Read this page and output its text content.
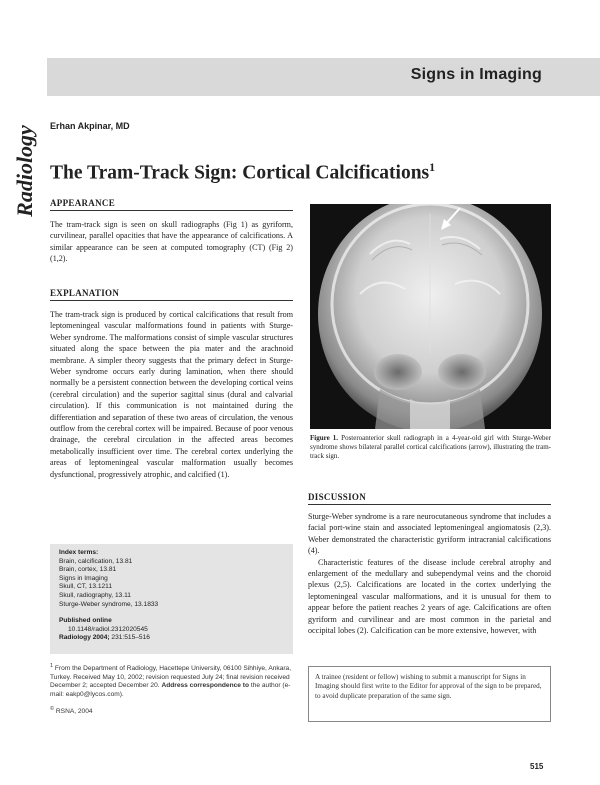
Signs in Imaging
Radiology Erhan Akpinar, MD
The Tram-Track Sign: Cortical Calcifications$^1$
APPEARANCE

The tram-track sign is seen on skull radiographs (Fig 1) as gyriform, curvilinear, parallel opacities that have the appearance of calcifications. A similar appearance can be seen at computed tomography (CT) (Fig 2) (1,2).

EXPLANATION

The tram-track sign is produced by cortical calcifications that result from leptomeningeal vascular malformations found in patients with Sturge-Weber syndrome. The malformations consist of simple vascular structures situated along the space between the pia mater and the arachnoid membrane. A simpler theory suggests that the primary defect in Sturge-Weber syndrome occurs early during lamination, when there should normally be a persistent connection between the developing cortical veins (cerebral circulation) and the superior sagittal sinus (dural and calvarial circulation). If this communication is not maintained during the differentiation and separation of these two areas of circulation, the venous outflow from the cerebral cortex will be impaired. Because of poor venous drainage, the cerebral circulation in the affected areas becomes metabolically insufficient over time. The cerebral cortex underlying the areas of leptomeningeal vascular malformation usually becomes dysfunctional, progressively atrophic, and calcified (1).

Figure 1. Posteroanterior skull radiograph in a 4-year-old girl with Sturge-Weber syndrome shows bilateral parallel cortical calcifications (arrow), illustrating the tram-track sign.
DISCUSSION

Sturge-Weber syndrome is a rare neurocutaneous syndrome that includes a facial port-wine stain and associated leptomeningeal angiomatosis (2,3). Weber demonstrated the characteristic gyriform intracranial calcifications (4).

Characteristic features of the disease include cerebral atrophy and enlargement of the medullary and subependymal veins and the choroid plexus (2,5). Calcifications are located in the cortex underlying the leptomeningeal vascular malformations, and it is unusual for them to appear before the patient reaches 2 years of age. Calcifications are often gyriform and curvilinear and are most common in the parietal and occipital lobes (2). Calcification can be more extensive, however, with

Index terms:
Brain, calcification, 13.81
Brain, cortex, 13.81
Signs in Imaging
Skull, CT, 13.1211
Skull, radiography, 13.11
Sturge-Weber syndrome, 13.1833
Published online
10.1148/radiol.2312020545
Radiology 2004; 231:515–516

$^1$ From the Department of Radiology, Hacettepe University, 06100 Sihhiye, Ankara, Turkey. Received May 10, 2002; revision requested July 24; final revision received December 2; accepted December 20. Address correspondence to the author (e-mail: eakp0@lycos.com).

© RSNA, 2004

A trainee (resident or fellow) wishing to submit a manuscript for Signs in Imaging should first write to the Editor for approval of the sign to be prepared, to avoid duplicate preparation of the same sign.
515
